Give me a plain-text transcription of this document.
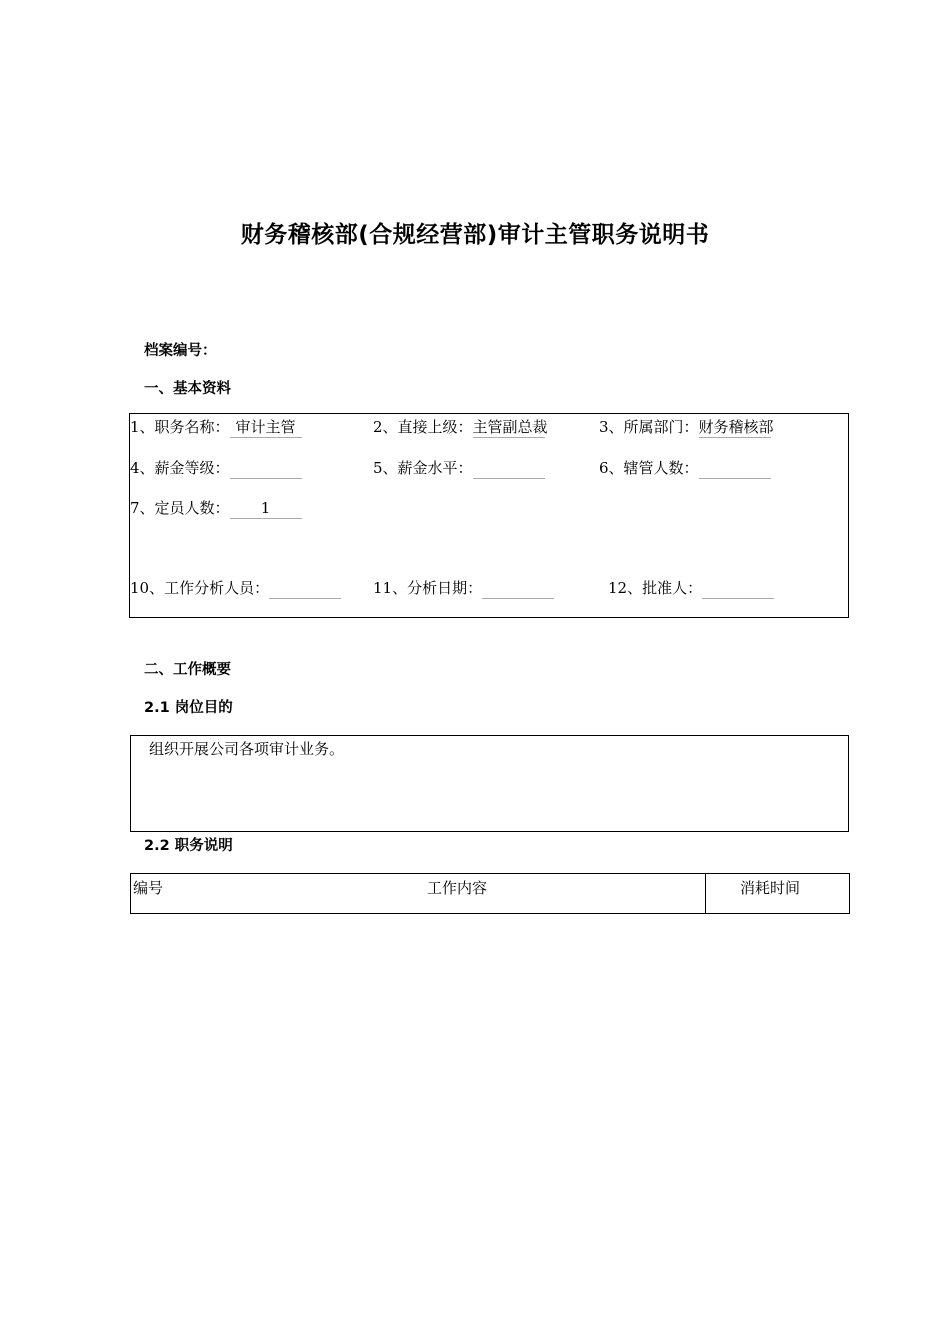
财务稽核部(合规经营部)审计主管职务说明书
档案编号：
一、基本资料
1、职务名称： 审计主管	2、直接上级：主管副总裁	3、所属部门：财务稽核部
4、薪金等级：	5、薪金水平：	6、辖管人数：
7、定员人数： 1
10、工作分析人员：	11、分析日期：	12、批准人：
二、工作概要
2.1 岗位目的
组织开展公司各项审计业务。
2.2 职务说明
编号	工作内容	消耗时间
